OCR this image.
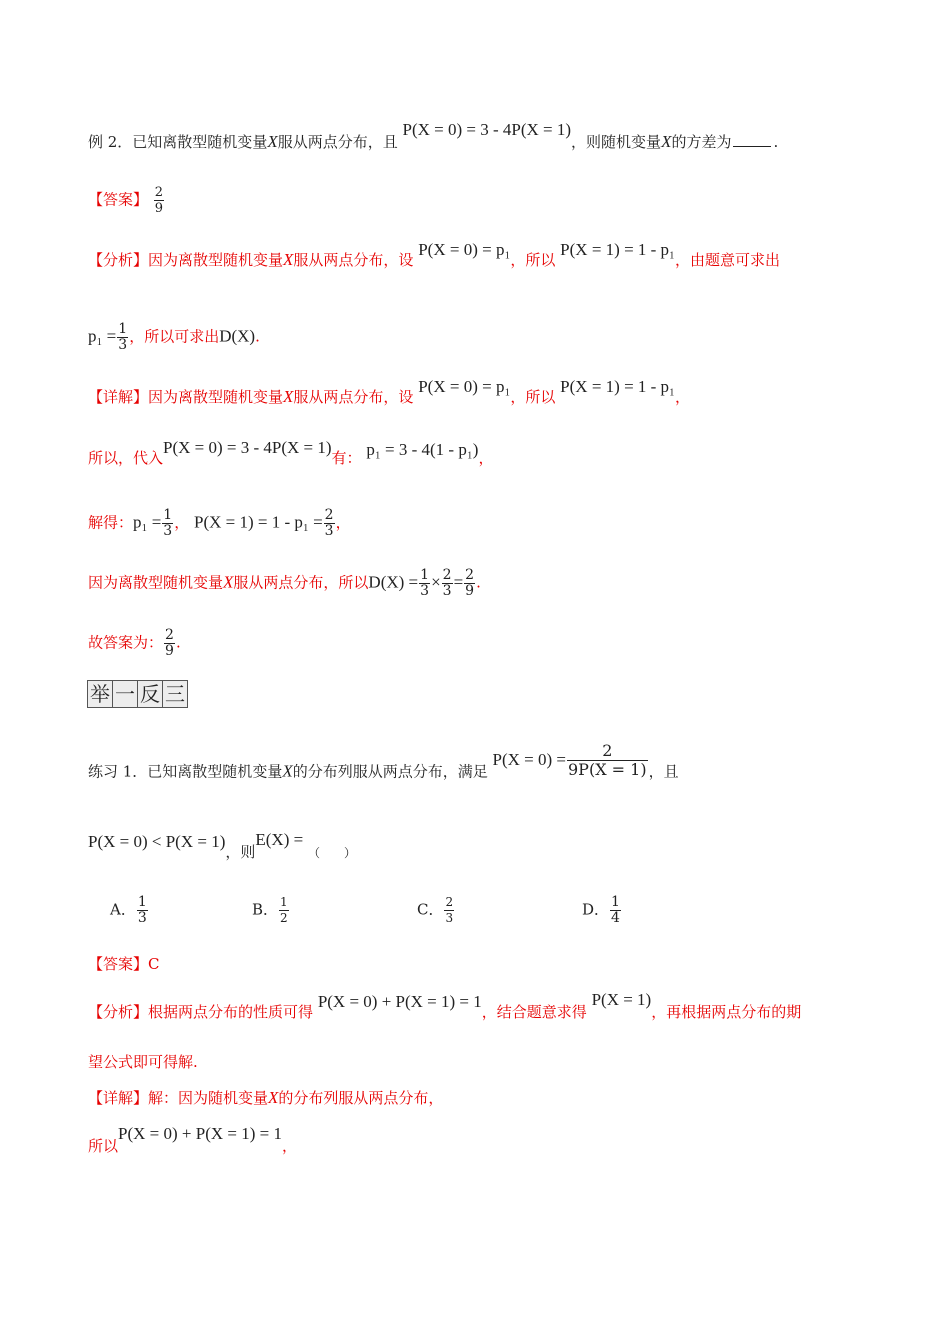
例 2．已知离散型随机变量X服从两点分布，且 P(X = 0) = 3 - 4P(X = 1)，则随机变量X的方差为	.
【答案】 $\frac{2}{9}$
【分析】因为离散型随机变量X服从两点分布，设 P(X = 0) = p₁，所以 P(X = 1) = 1 - p₁，由题意可求出
$p_1 = \frac{1}{3}$ ，所以可求出D(X).
【详解】因为离散型随机变量X服从两点分布，设 P(X = 0) = p₁，所以 P(X = 1) = 1 - p₁，
所以，代入P(X = 0) = 3 - 4P(X = 1)有： p₁ = 3 - 4(1 - p₁)，
解得：$p_1 = \frac{1}{3}$ ， $P(X = 1) = 1 - p_1 = \frac{2}{3}$ ，
因为离散型随机变量X服从两点分布，所以$D(X) = \frac{1}{3} \times \frac{2}{3} = \frac{2}{9}$ .
故答案为： $\frac{2}{9}$ .
举 一 反 三
练习 1．已知离散型随机变量X的分布列服从两点分布，满足 $P(X = 0) = \frac{2}{9P(X = 1)}$ ，且
P(X = 0) < P(X = 1)，则E(X) = （　　）
A． $\frac{1}{3}$	B． $\frac{1}{2}$	C． $\frac{2}{3}$	D． $\frac{1}{4}$
【答案】C
【分析】根据两点分布的性质可得 P(X = 0) + P(X = 1) = 1，结合题意求得 P(X = 1)，再根据两点分布的期
望公式即可得解.
【详解】解：因为随机变量X的分布列服从两点分布，
所以P(X = 0) + P(X = 1) = 1，
